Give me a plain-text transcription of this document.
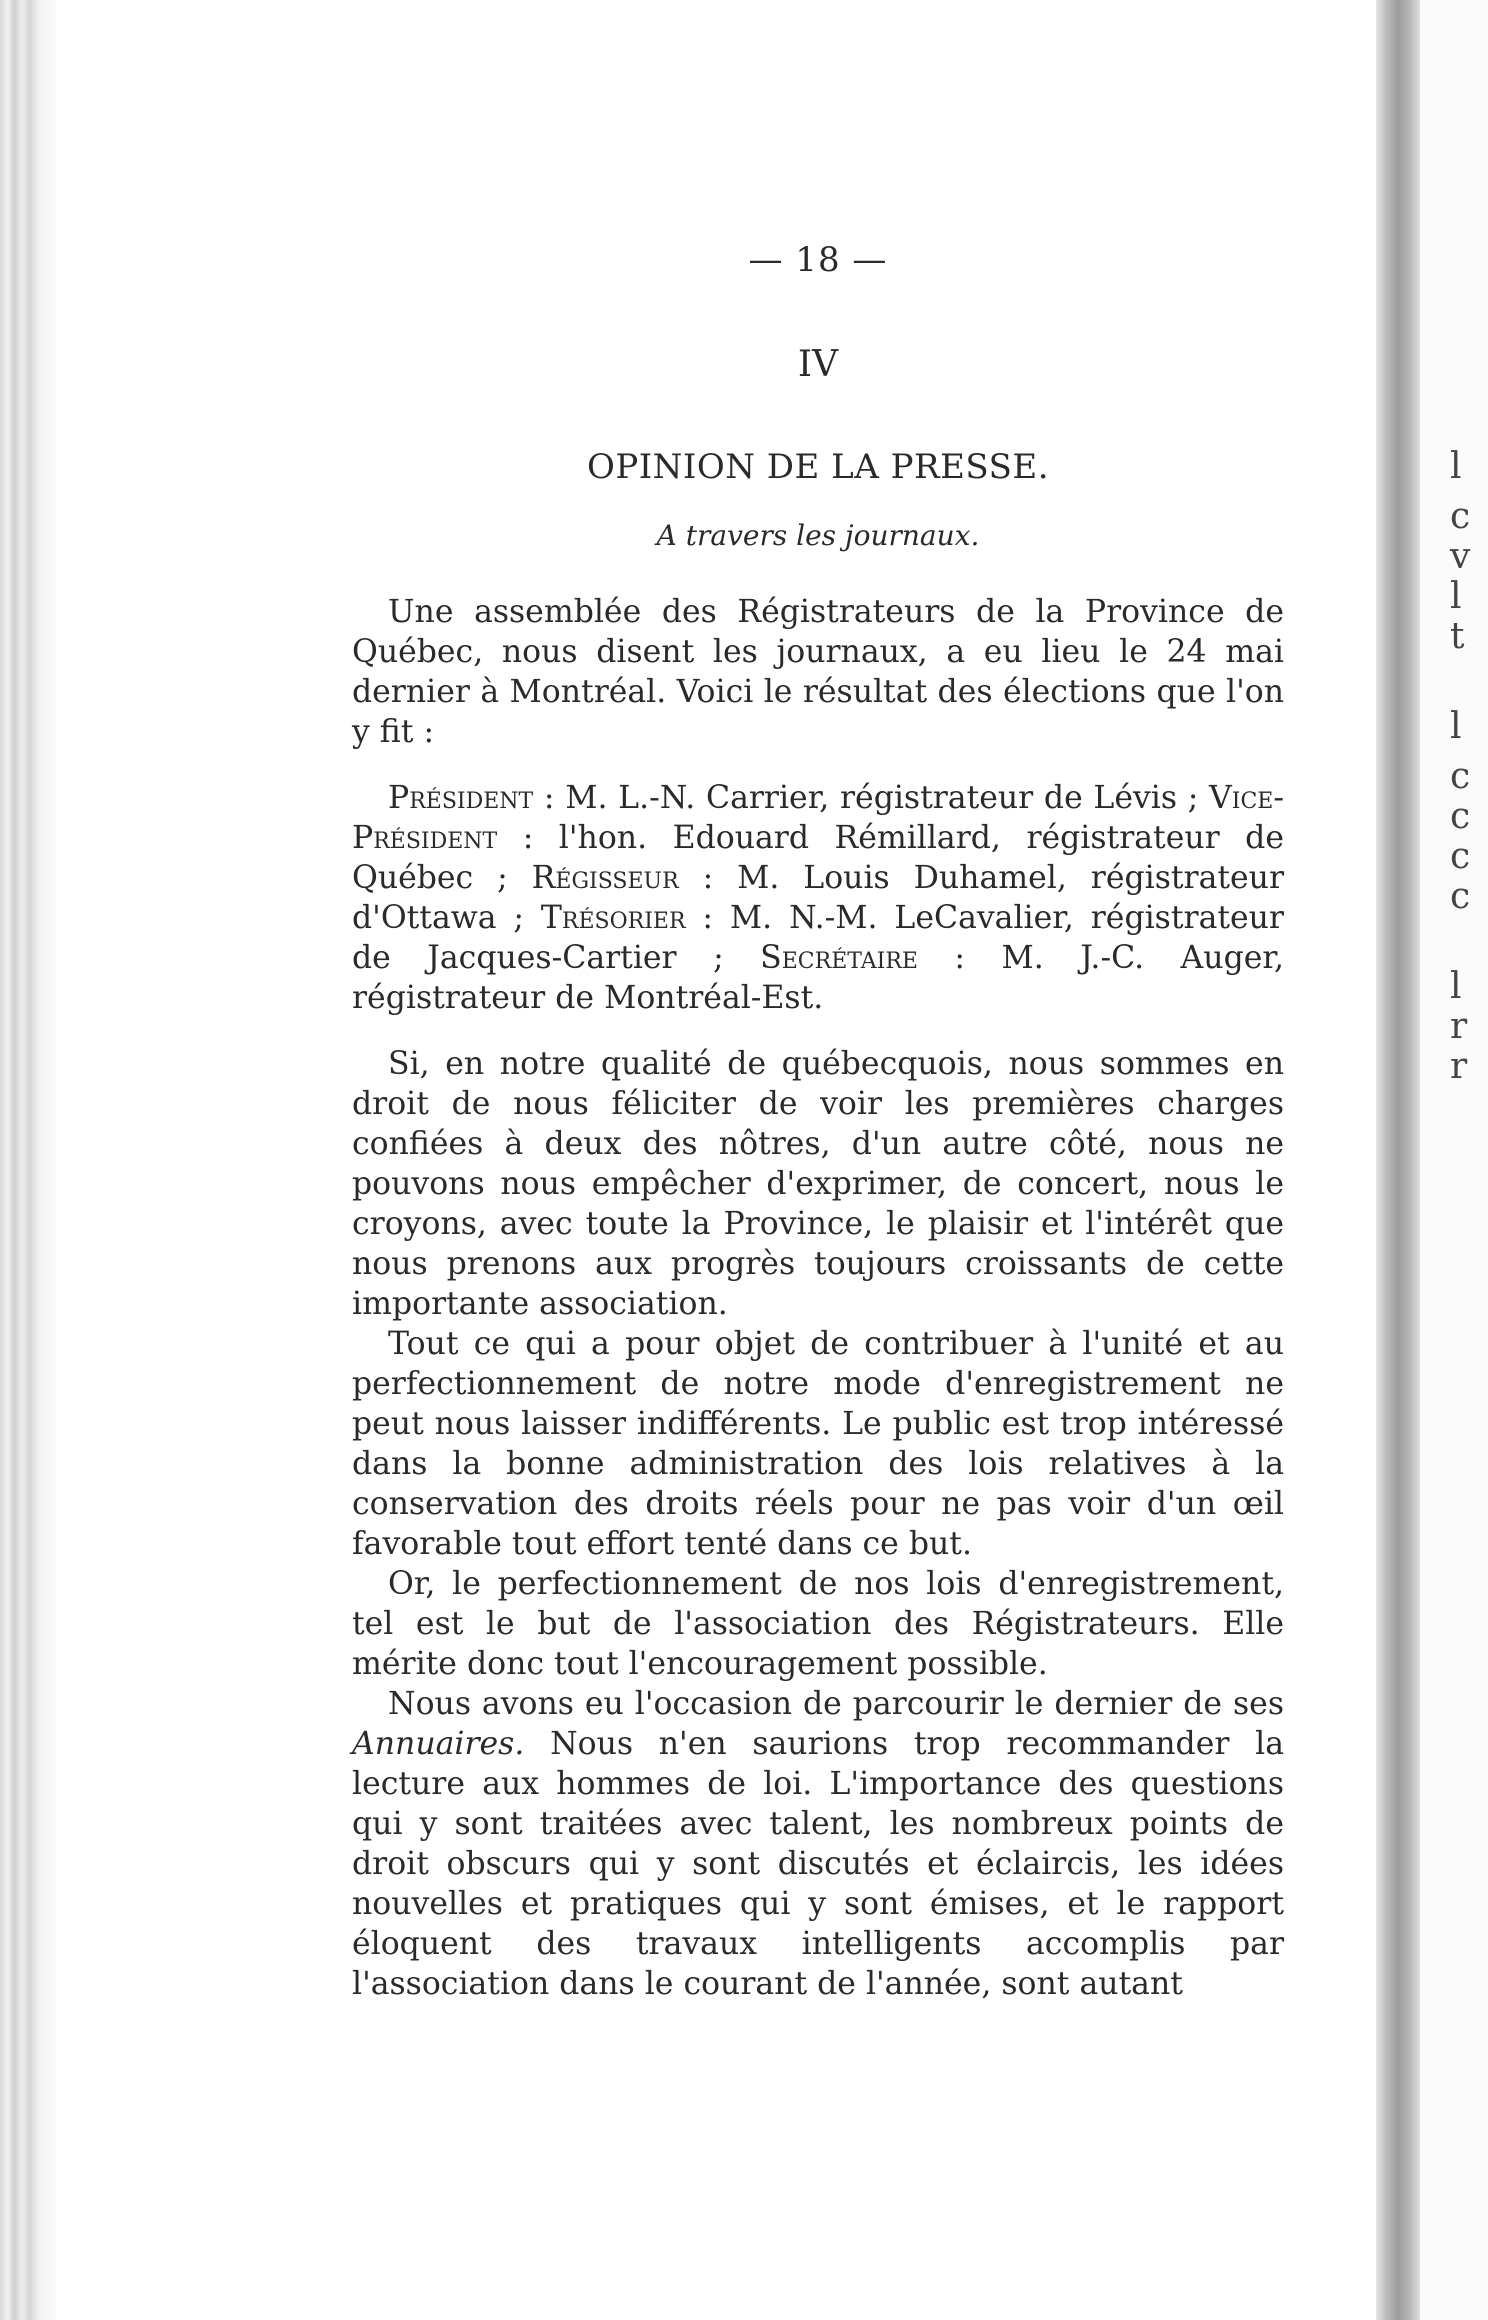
l
c
v
l
t
l
c
c
c
c
l
r
r
— 18 —
IV
OPINION DE LA PRESSE.
A travers les journaux.

Une assemblée des Régistrateurs de la Province de Québec, nous disent les journaux, a eu lieu le 24 mai dernier à Montréal. Voici le résultat des élections que l'on y fit :

Président : M. L.-N. Carrier, régistrateur de Lévis ; Vice-Président : l'hon. Edouard Rémillard, régistrateur de Québec ; Régisseur : M. Louis Duhamel, régistrateur d'Ottawa ; Trésorier : M. N.-M. LeCavalier, régistrateur de Jacques-Cartier ; Secrétaire : M. J.-C. Auger, régistrateur de Montréal-Est.

Si, en notre qualité de québecquois, nous sommes en droit de nous féliciter de voir les premières charges confiées à deux des nôtres, d'un autre côté, nous ne pouvons nous empêcher d'exprimer, de concert, nous le croyons, avec toute la Province, le plaisir et l'intérêt que nous prenons aux progrès toujours croissants de cette importante association.

Tout ce qui a pour objet de contribuer à l'unité et au perfectionnement de notre mode d'enregistrement ne peut nous laisser indifférents. Le public est trop intéressé dans la bonne administration des lois relatives à la conservation des droits réels pour ne pas voir d'un œil favorable tout effort tenté dans ce but.

Or, le perfectionnement de nos lois d'enregistrement, tel est le but de l'association des Régistrateurs. Elle mérite donc tout l'encouragement possible.

Nous avons eu l'occasion de parcourir le dernier de ses Annuaires. Nous n'en saurions trop recommander la lecture aux hommes de loi. L'importance des questions qui y sont traitées avec talent, les nombreux points de droit obscurs qui y sont discutés et éclaircis, les idées nouvelles et pratiques qui y sont émises, et le rapport éloquent des travaux intelligents accomplis par l'association dans le courant de l'année, sont autant
